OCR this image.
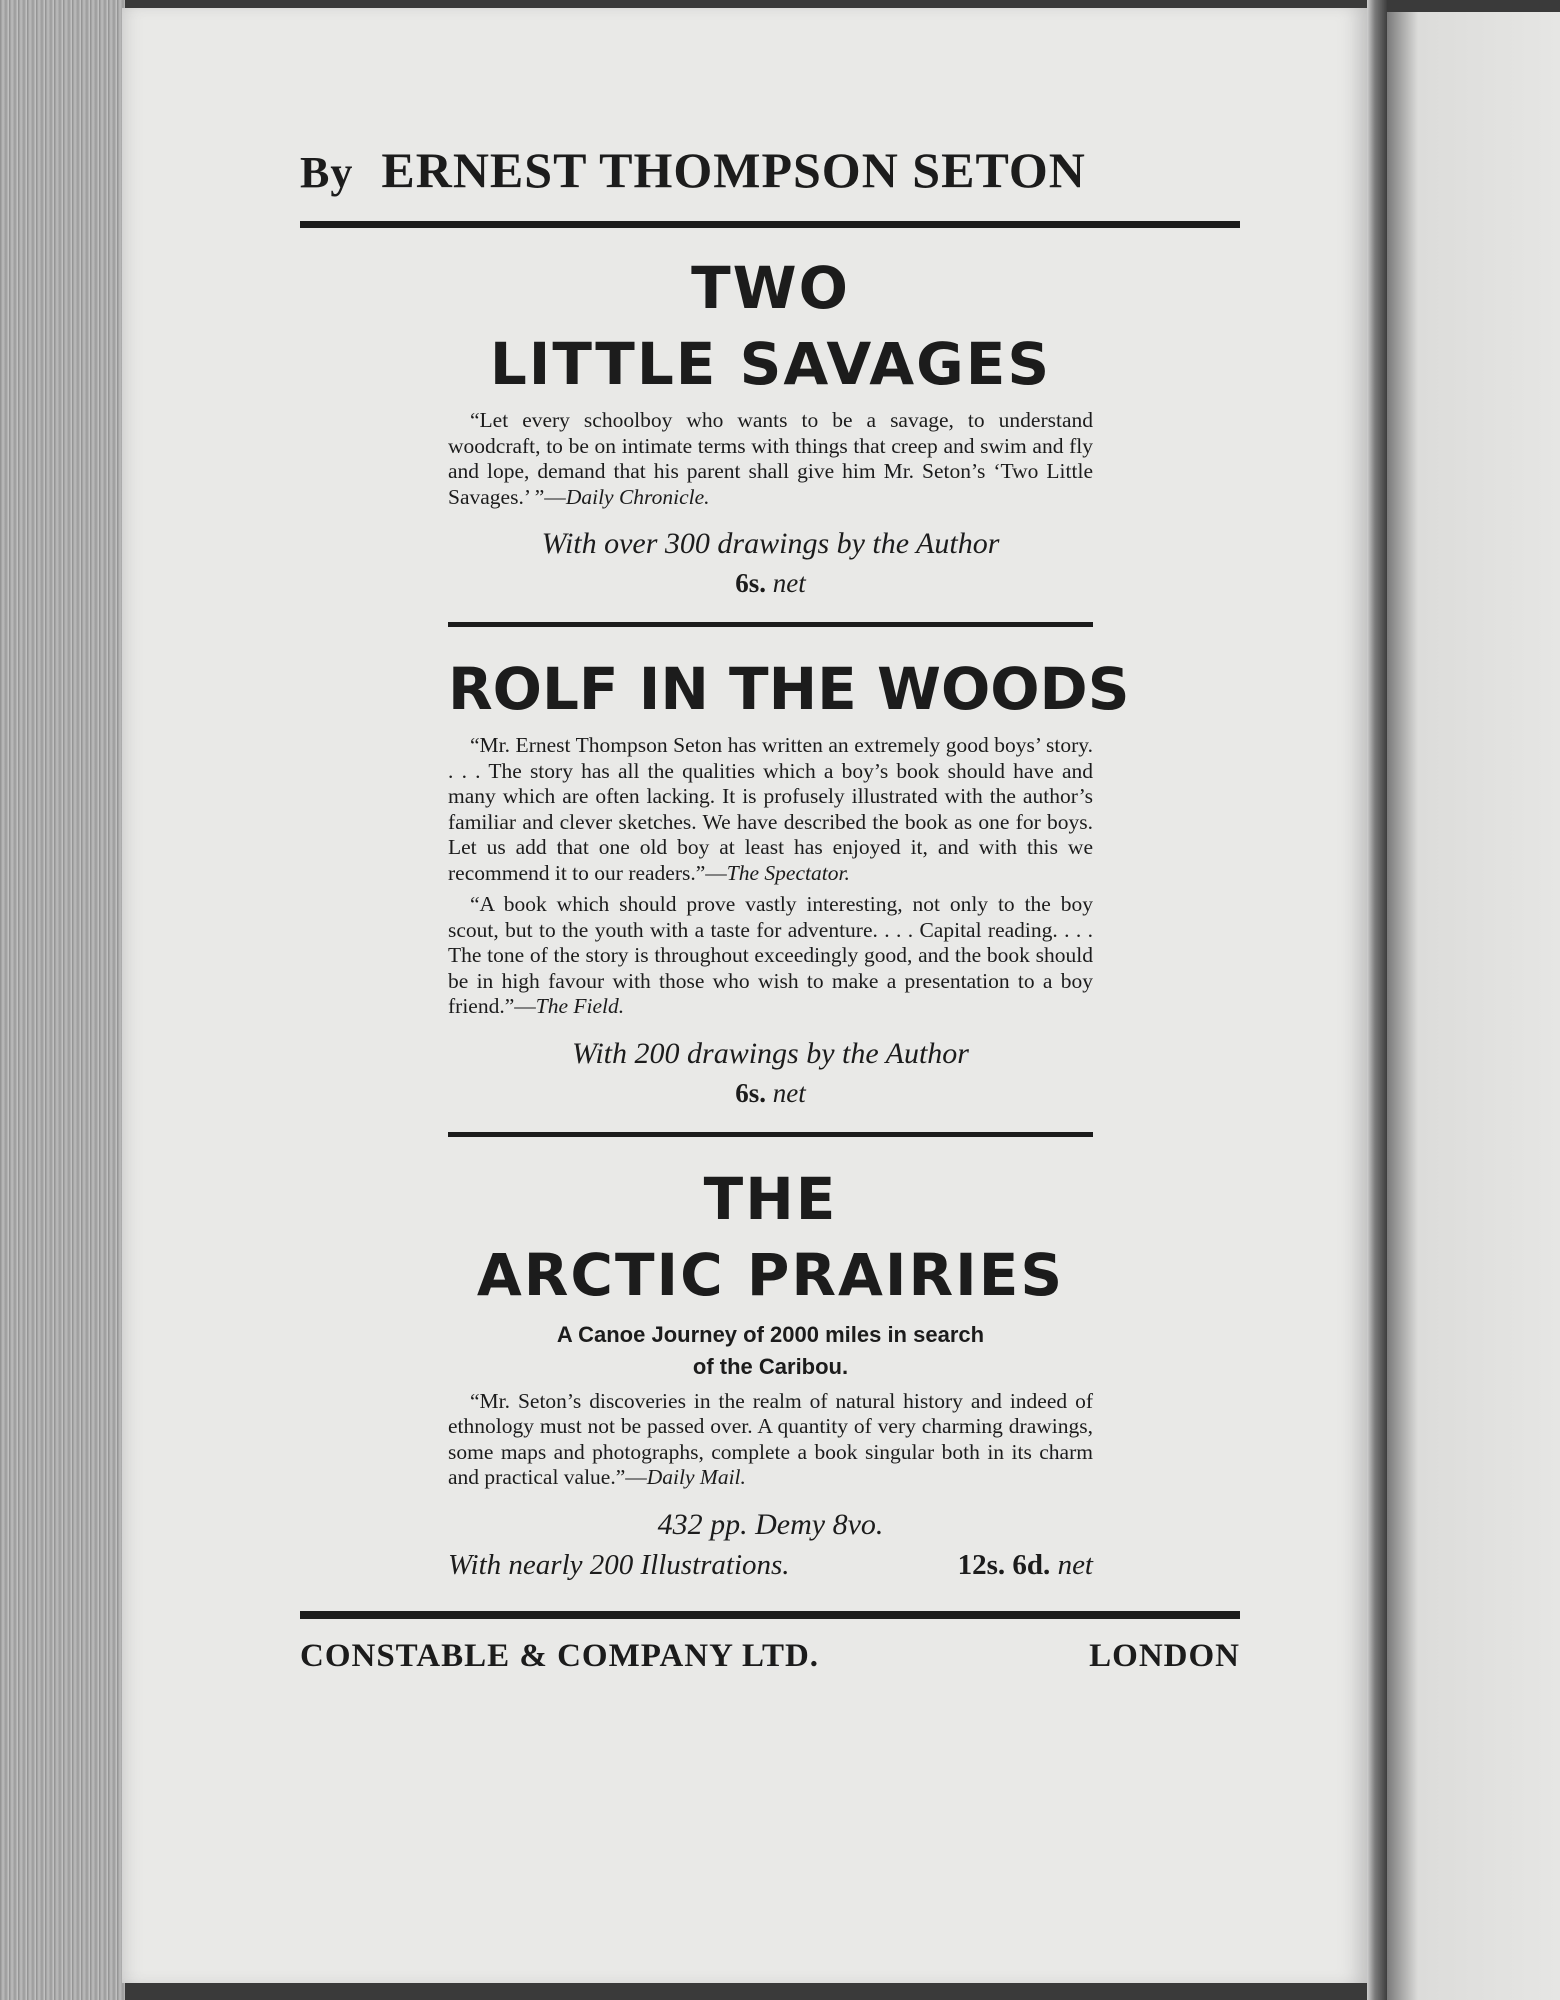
By ERNEST THOMPSON SETON
TWO
LITTLE SAVAGES

“Let every schoolboy who wants to be a savage, to understand woodcraft, to be on intimate terms with things that creep and swim and fly and lope, demand that his parent shall give him Mr. Seton’s ‘Two Little Savages.’ ”—Daily Chronicle.

With over 300 drawings by the Author

6s. net

ROLF IN THE WOODS

“Mr. Ernest Thompson Seton has written an extremely good boys’ story. . . . The story has all the qualities which a boy’s book should have and many which are often lacking. It is profusely illustrated with the author’s familiar and clever sketches. We have described the book as one for boys. Let us add that one old boy at least has enjoyed it, and with this we recommend it to our readers.”—The Spectator.

“A book which should prove vastly interesting, not only to the boy scout, but to the youth with a taste for adventure. . . . Capital reading. . . . The tone of the story is throughout exceedingly good, and the book should be in high favour with those who wish to make a presentation to a boy friend.”—The Field.

With 200 drawings by the Author

6s. net

THE
ARCTIC PRAIRIES

A Canoe Journey of 2000 miles in search
of the Caribou.

“Mr. Seton’s discoveries in the realm of natural history and indeed of ethnology must not be passed over. A quantity of very charming drawings, some maps and photographs, complete a book singular both in its charm and practical value.”—Daily Mail.

432 pp. Demy 8vo.

With nearly 200 Illustrations.	12s. 6d. net
CONSTABLE & COMPANY LTD.	LONDON
